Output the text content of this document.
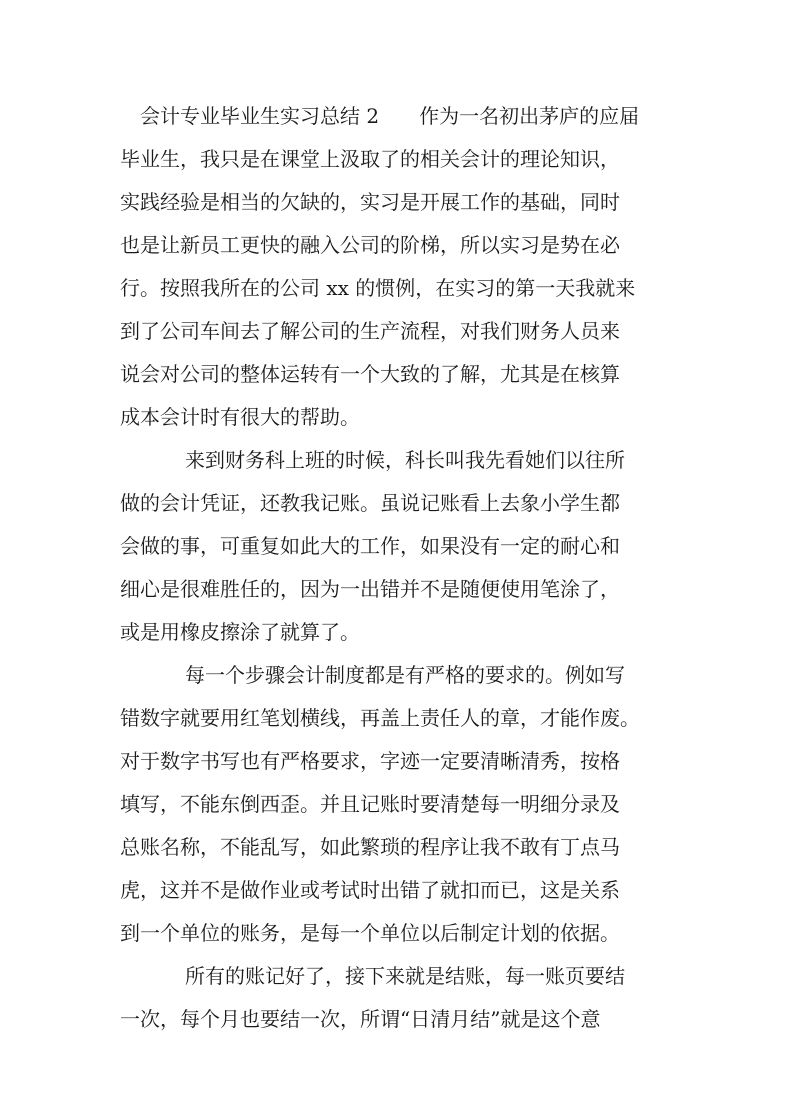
会计专业毕业生实习总结 2　　作为一名初出茅庐的应届
毕业生，我只是在课堂上汲取了的相关会计的理论知识，
实践经验是相当的欠缺的，实习是开展工作的基础，同时
也是让新员工更快的融入公司的阶梯，所以实习是势在必
行。按照我所在的公司 xx 的惯例，在实习的第一天我就来
到了公司车间去了解公司的生产流程，对我们财务人员来
说会对公司的整体运转有一个大致的了解，尤其是在核算
成本会计时有很大的帮助。
来到财务科上班的时候，科长叫我先看她们以往所
做的会计凭证，还教我记账。虽说记账看上去象小学生都
会做的事，可重复如此大的工作，如果没有一定的耐心和
细心是很难胜任的，因为一出错并不是随便使用笔涂了，
或是用橡皮擦涂了就算了。
每一个步骤会计制度都是有严格的要求的。例如写
错数字就要用红笔划横线，再盖上责任人的章，才能作废。
对于数字书写也有严格要求，字迹一定要清晰清秀，按格
填写，不能东倒西歪。并且记账时要清楚每一明细分录及
总账名称，不能乱写，如此繁琐的程序让我不敢有丁点马
虎，这并不是做作业或考试时出错了就扣而已，这是关系
到一个单位的账务，是每一个单位以后制定计划的依据。
所有的账记好了，接下来就是结账，每一账页要结
一次，每个月也要结一次，所谓“日清月结”就是这个意
